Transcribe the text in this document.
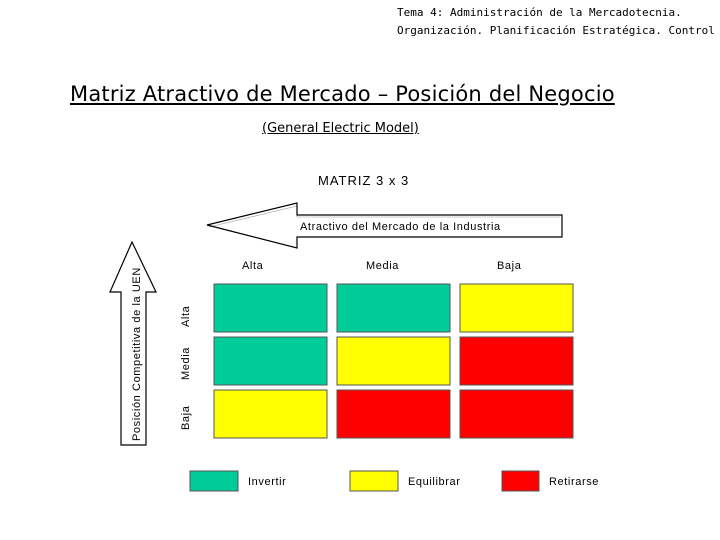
Tema 4: Administración de la Mercadotecnia.
Organización. Planificación Estratégica. Control
Matriz Atractivo de Mercado – Posición del Negocio
(General Electric Model)
MATRIZ 3 x 3
Atractivo del Mercado de la Industria
Posición Competitiva de la UEN
Alta	Media	Baja
Alta
Media
Baja
Invertir	Equilibrar	Retirarse
